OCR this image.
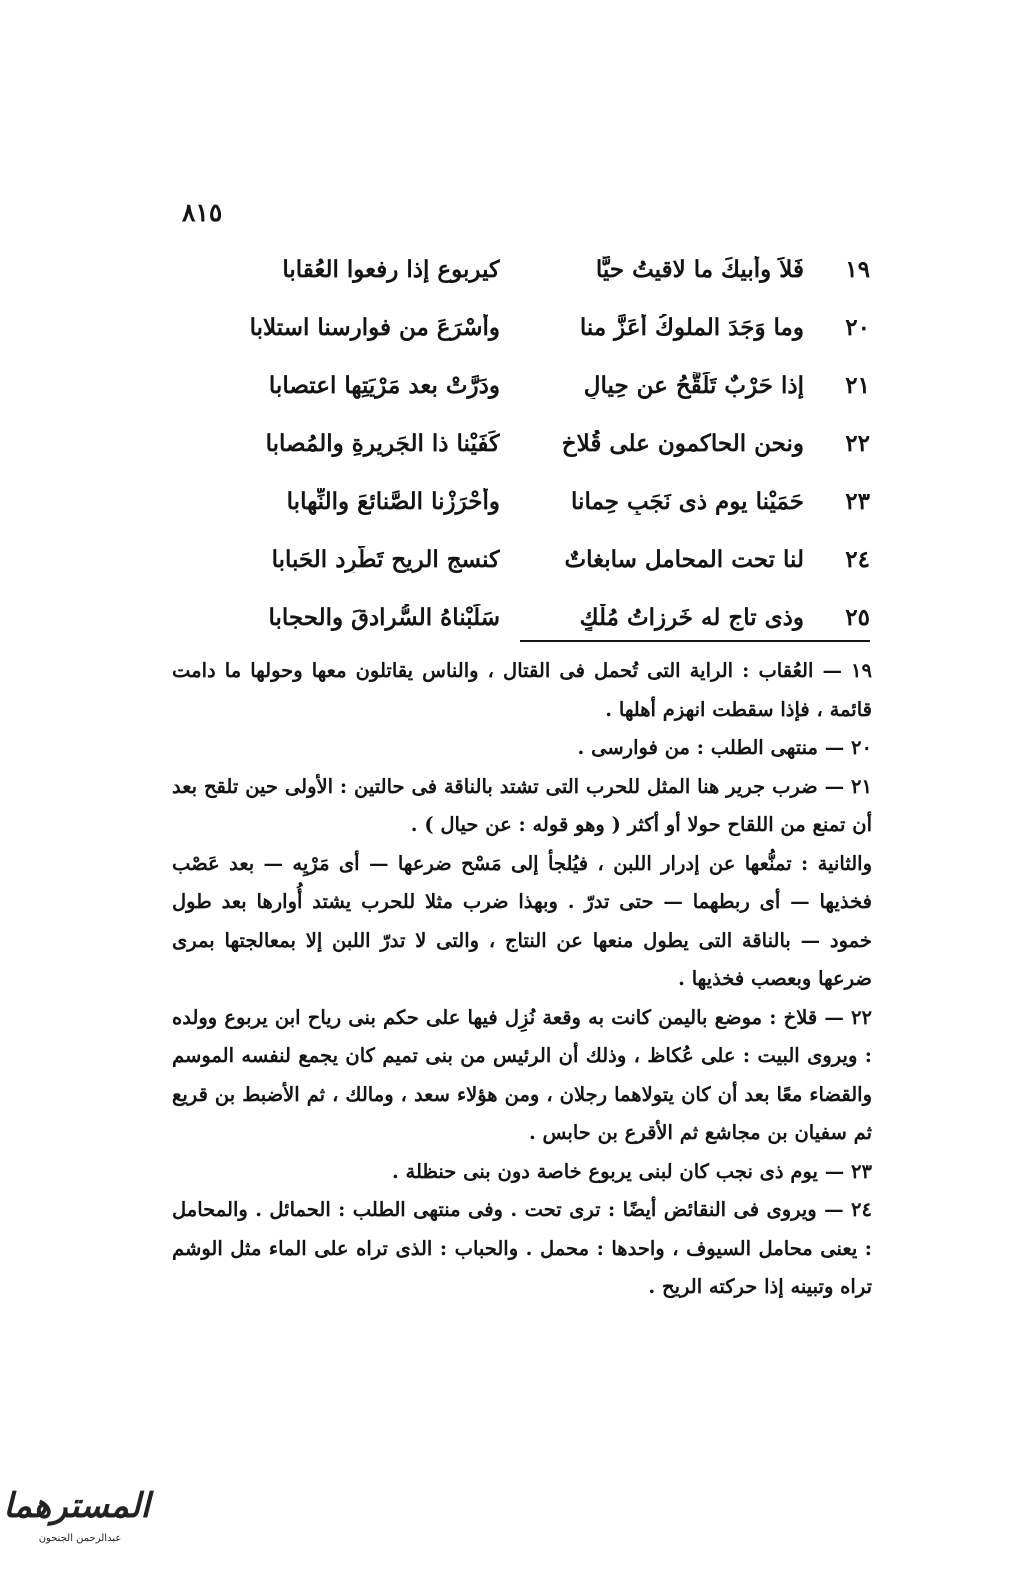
٨١٥
١٩
فَلاَ وأبيكَ ما لاقيتُ حيًّا
كيربوع إذا رفعوا العُقابا
٢٠
وما وَجَدَ الملوكُ أَعَزَّ منا
وأَسْرَعَ من فوارسنا استلابا
٢١
إذا حَرْبٌ تَلَقَّحُ عن حِيالٍ
ودَرَّتْ بعد مَرْيَتِها اعتصابا
٢٢
ونحن الحاكمون على قُلاخٍ
كَفَيْنا ذا الجَريرةِ والمُصابا
٢٣
حَمَيْنا يوم ذى نَجَبٍ حِمانا
وأَحْرَزْنا الصَّنائعَ والنِّهابا
٢٤
لنا تحت المحامل سابغاتٌ
كنسج الريح تَطَّرِد الحَبابا
٢٥
وذى تاجٍ له خَرزاتُ مُلْكٍ
سَلَبْناهُ السُّرادقَ والحجابا

١٩ — العُقاب : الراية التى تُحمل فى القتال ، والناس يقاتلون معها وحولها ما دامت قائمة ، فإذا سقطت انهزم أهلها .

٢٠ — منتهى الطلب : من فوارسى .

٢١ — ضرب جرير هنا المثل للحرب التى تشتد بالناقة فى حالتين : الأولى حين تلقح بعد أن تمنع من اللقاح حولا أو أكثر ( وهو قوله : عن حيال ) .

والثانية : تمنُّعها عن إدرار اللبن ، فيُلجأ إلى مَسْح ضرعها — أى مَرْيِه — بعد عَصْب فخذيها — أى ربطهما — حتى تدرّ . وبهذا ضرب مثلا للحرب يشتد أُوارها بعد طول خمود — بالناقة التى يطول منعها عن النتاج ، والتى لا تدرّ اللبن إلا بمعالجتها بمرى ضرعها وبعصب فخذيها .

٢٢ — قلاخ : موضع باليمن كانت به وقعة نُزِل فيها على حكم بنى رياح ابن يربوع وولده : ويروى البيت : على عُكاظ ، وذلك أن الرئيس من بنى تميم كان يجمع لنفسه الموسم والقضاء معًا بعد أن كان يتولاهما رجلان ، ومن هؤلاء سعد ، ومالك ، ثم الأضبط بن قريع ثم سفيان بن مجاشع ثم الأقرع بن حابس .

٢٣ — يوم ذى نجب كان لبنى يربوع خاصة دون بنى حنظلة .

٢٤ — ويروى فى النقائض أيضًا : ترى تحت . وفى منتهى الطلب : الحمائل . والمحامل : يعنى محامل السيوف ، واحدها : محمل . والحباب : الذى تراه على الماء مثل الوشم تراه وتبينه إذا حركته الريح .

المسترهما
عبدالرحمن الجنحون
